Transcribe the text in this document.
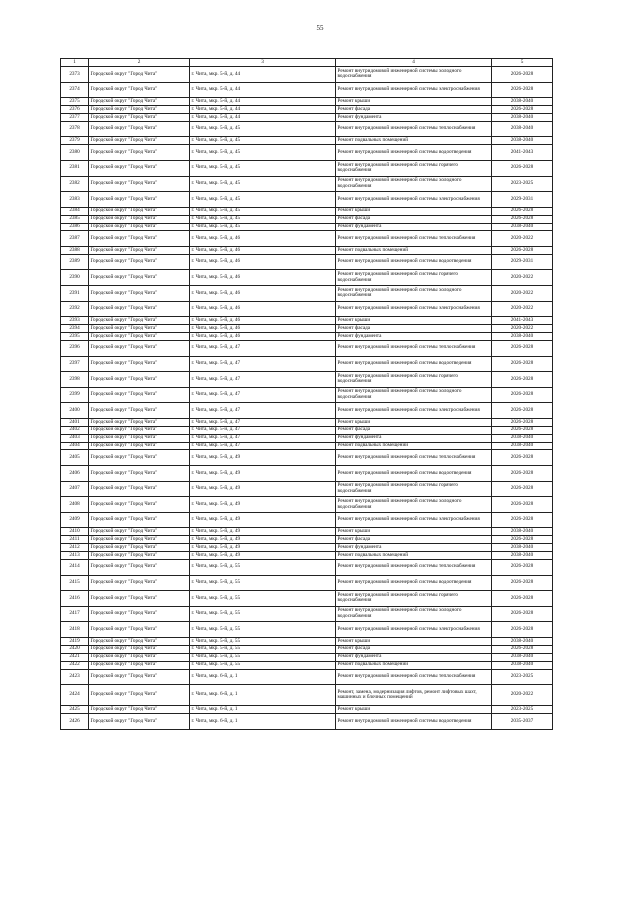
55
1	2	3	4	5
2373	Городской округ "Город Чита"	г. Чита, мкр. 5-й, д. 44	Ремонт внутридомовой инженерной системы холодного водоснабжения	2026-2028
2374	Городской округ "Город Чита"	г. Чита, мкр. 5-й, д. 44	Ремонт внутридомовой инженерной системы электроснабжения	2026-2028
2375	Городской округ "Город Чита"	г. Чита, мкр. 5-й, д. 44	Ремонт крыши	2038-2040
2376	Городской округ "Город Чита"	г. Чита, мкр. 5-й, д. 44	Ремонт фасада	2026-2028
2377	Городской округ "Город Чита"	г. Чита, мкр. 5-й, д. 44	Ремонт фундамента	2038-2040
2378	Городской округ "Город Чита"	г. Чита, мкр. 5-й, д. 45	Ремонт внутридомовой инженерной системы теплоснабжения	2038-2040
2379	Городской округ "Город Чита"	г. Чита, мкр. 5-й, д. 45	Ремонт подвальных помещений	2038-2040
2380	Городской округ "Город Чита"	г. Чита, мкр. 5-й, д. 45	Ремонт внутридомовой инженерной системы водоотведения	2041-2043
2381	Городской округ "Город Чита"	г. Чита, мкр. 5-й, д. 45	Ремонт внутридомовой инженерной системы горячего водоснабжения	2026-2028
2382	Городской округ "Город Чита"	г. Чита, мкр. 5-й, д. 45	Ремонт внутридомовой инженерной системы холодного водоснабжения	2023-2025
2383	Городской округ "Город Чита"	г. Чита, мкр. 5-й, д. 45	Ремонт внутридомовой инженерной системы электроснабжения	2029-2031
2384	Городской округ "Город Чита"	г. Чита, мкр. 5-й, д. 45	Ремонт крыши	2026-2028
2385	Городской округ "Город Чита"	г. Чита, мкр. 5-й, д. 45	Ремонт фасада	2026-2028
2386	Городской округ "Город Чита"	г. Чита, мкр. 5-й, д. 45	Ремонт фундамента	2038-2040
2387	Городской округ "Город Чита"	г. Чита, мкр. 5-й, д. 46	Ремонт внутридомовой инженерной системы теплоснабжения	2020-2022
2388	Городской округ "Город Чита"	г. Чита, мкр. 5-й, д. 46	Ремонт подвальных помещений	2026-2028
2389	Городской округ "Город Чита"	г. Чита, мкр. 5-й, д. 46	Ремонт внутридомовой инженерной системы водоотведения	2029-2031
2390	Городской округ "Город Чита"	г. Чита, мкр. 5-й, д. 46	Ремонт внутридомовой инженерной системы горячего водоснабжения	2020-2022
2391	Городской округ "Город Чита"	г. Чита, мкр. 5-й, д. 46	Ремонт внутридомовой инженерной системы холодного водоснабжения	2020-2022
2392	Городской округ "Город Чита"	г. Чита, мкр. 5-й, д. 46	Ремонт внутридомовой инженерной системы электроснабжения	2020-2022
2393	Городской округ "Город Чита"	г. Чита, мкр. 5-й, д. 46	Ремонт крыши	2041-2043
2394	Городской округ "Город Чита"	г. Чита, мкр. 5-й, д. 46	Ремонт фасада	2020-2022
2395	Городской округ "Город Чита"	г. Чита, мкр. 5-й, д. 46	Ремонт фундамента	2038-2040
2396	Городской округ "Город Чита"	г. Чита, мкр. 5-й, д. 47	Ремонт внутридомовой инженерной системы теплоснабжения	2026-2028
2397	Городской округ "Город Чита"	г. Чита, мкр. 5-й, д. 47	Ремонт внутридомовой инженерной системы водоотведения	2026-2028
2398	Городской округ "Город Чита"	г. Чита, мкр. 5-й, д. 47	Ремонт внутридомовой инженерной системы горячего водоснабжения	2026-2028
2399	Городской округ "Город Чита"	г. Чита, мкр. 5-й, д. 47	Ремонт внутридомовой инженерной системы холодного водоснабжения	2026-2028
2400	Городской округ "Город Чита"	г. Чита, мкр. 5-й, д. 47	Ремонт внутридомовой инженерной системы электроснабжения	2026-2028
2401	Городской округ "Город Чита"	г. Чита, мкр. 5-й, д. 47	Ремонт крыши	2026-2028
2402	Городской округ "Город Чита"	г. Чита, мкр. 5-й, д. 47	Ремонт фасада	2026-2028
2403	Городской округ "Город Чита"	г. Чита, мкр. 5-й, д. 47	Ремонт фундамента	2038-2040
2404	Городской округ "Город Чита"	г. Чита, мкр. 5-й, д. 47	Ремонт подвальных помещений	2038-2040
2405	Городской округ "Город Чита"	г. Чита, мкр. 5-й, д. 49	Ремонт внутридомовой инженерной системы теплоснабжения	2026-2028
2406	Городской округ "Город Чита"	г. Чита, мкр. 5-й, д. 49	Ремонт внутридомовой инженерной системы водоотведения	2026-2028
2407	Городской округ "Город Чита"	г. Чита, мкр. 5-й, д. 49	Ремонт внутридомовой инженерной системы горячего водоснабжения	2026-2028
2408	Городской округ "Город Чита"	г. Чита, мкр. 5-й, д. 49	Ремонт внутридомовой инженерной системы холодного водоснабжения	2026-2028
2409	Городской округ "Город Чита"	г. Чита, мкр. 5-й, д. 49	Ремонт внутридомовой инженерной системы электроснабжения	2026-2028
2410	Городской округ "Город Чита"	г. Чита, мкр. 5-й, д. 49	Ремонт крыши	2038-2040
2411	Городской округ "Город Чита"	г. Чита, мкр. 5-й, д. 49	Ремонт фасада	2026-2028
2412	Городской округ "Город Чита"	г. Чита, мкр. 5-й, д. 49	Ремонт фундамента	2038-2040
2413	Городской округ "Город Чита"	г. Чита, мкр. 5-й, д. 49	Ремонт подвальных помещений	2038-2040
2414	Городской округ "Город Чита"	г. Чита, мкр. 5-й, д. 55	Ремонт внутридомовой инженерной системы теплоснабжения	2026-2028
2415	Городской округ "Город Чита"	г. Чита, мкр. 5-й, д. 55	Ремонт внутридомовой инженерной системы водоотведения	2026-2028
2416	Городской округ "Город Чита"	г. Чита, мкр. 5-й, д. 55	Ремонт внутридомовой инженерной системы горячего водоснабжения	2026-2028
2417	Городской округ "Город Чита"	г. Чита, мкр. 5-й, д. 55	Ремонт внутридомовой инженерной системы холодного водоснабжения	2026-2028
2418	Городской округ "Город Чита"	г. Чита, мкр. 5-й, д. 55	Ремонт внутридомовой инженерной системы электроснабжения	2026-2028
2419	Городской округ "Город Чита"	г. Чита, мкр. 5-й, д. 55	Ремонт крыши	2038-2040
2420	Городской округ "Город Чита"	г. Чита, мкр. 5-й, д. 55	Ремонт фасада	2026-2028
2421	Городской округ "Город Чита"	г. Чита, мкр. 5-й, д. 55	Ремонт фундамента	2038-2040
2422	Городской округ "Город Чита"	г. Чита, мкр. 5-й, д. 55	Ремонт подвальных помещений	2038-2040
2423	Городской округ "Город Чита"	г. Чита, мкр. 6-й, д. 1	Ремонт внутридомовой инженерной системы теплоснабжения	2023-2025
2424	Городской округ "Город Чита"	г. Чита, мкр. 6-й, д. 1	Ремонт, замена, модернизация лифтов, ремонт лифтовых шахт, машинных и блочных помещений	2020-2022
2425	Городской округ "Город Чита"	г. Чита, мкр. 6-й, д. 1	Ремонт крыши	2023-2025
2426	Городской округ "Город Чита"	г. Чита, мкр. 6-й, д. 1	Ремонт внутридомовой инженерной системы водоотведения	2035-2037
